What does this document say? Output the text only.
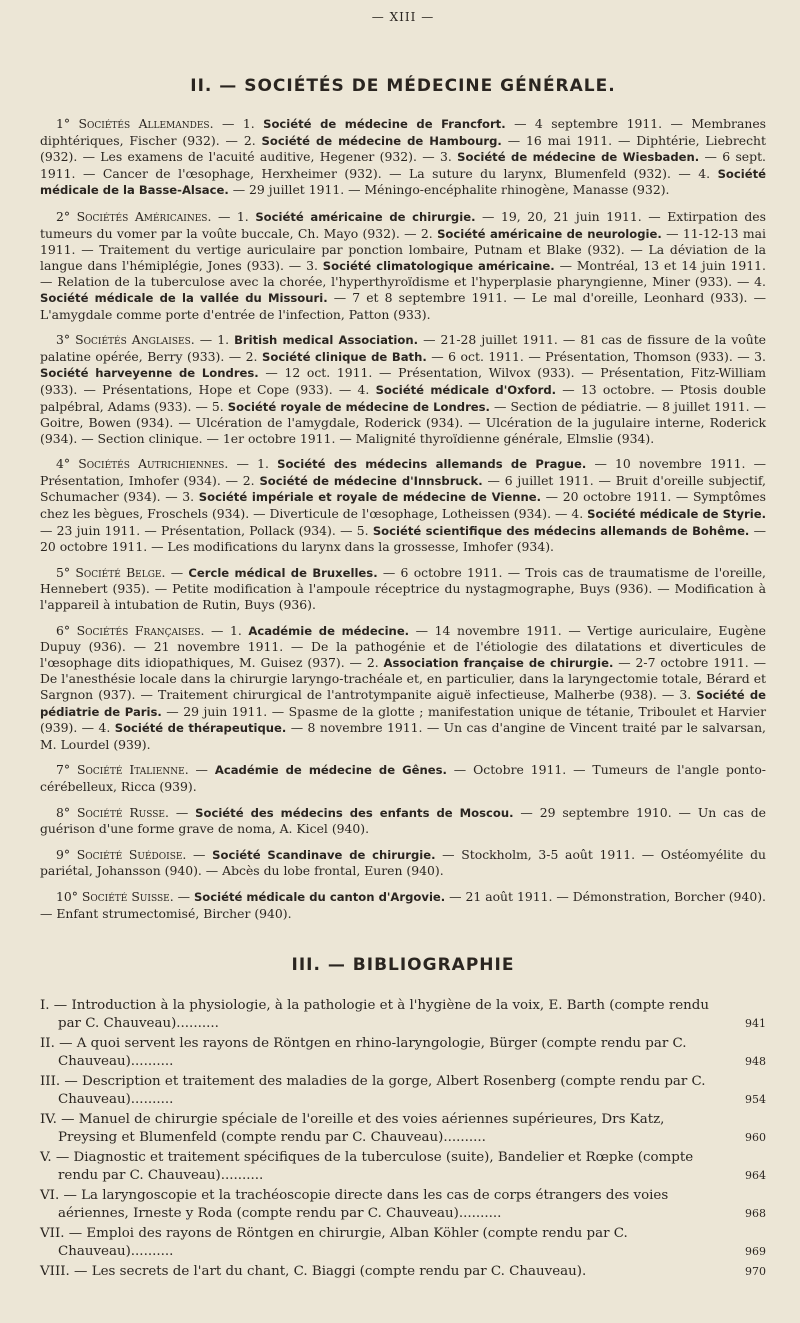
— XIII —
II. — SOCIÉTÉS DE MÉDECINE GÉNÉRALE.

1° Sociétés Allemandes. — 1. Société de médecine de Francfort. — 4 septembre 1911. — Membranes diphtériques, Fischer (932). — 2. Société de médecine de Hambourg. — 16 mai 1911. — Diphtérie, Liebrecht (932). — Les examens de l'acuité auditive, Hegener (932). — 3. Société de médecine de Wiesbaden. — 6 sept. 1911. — Cancer de l'œsophage, Herxheimer (932). — La suture du larynx, Blumenfeld (932). — 4. Société médicale de la Basse-Alsace. — 29 juillet 1911. — Méningo-encéphalite rhinogène, Manasse (932).

2° Sociétés Américaines. — 1. Société américaine de chirurgie. — 19, 20, 21 juin 1911. — Extirpation des tumeurs du vomer par la voûte buccale, Ch. Mayo (932). — 2. Société américaine de neurologie. — 11-12-13 mai 1911. — Traitement du vertige auriculaire par ponction lombaire, Putnam et Blake (932). — La déviation de la langue dans l'hémiplégie, Jones (933). — 3. Société climatologique américaine. — Montréal, 13 et 14 juin 1911. — Relation de la tuberculose avec la chorée, l'hyperthyroïdisme et l'hyperplasie pharyngienne, Miner (933). — 4. Société médicale de la vallée du Missouri. — 7 et 8 septembre 1911. — Le mal d'oreille, Leonhard (933). — L'amygdale comme porte d'entrée de l'infection, Patton (933).

3° Sociétés Anglaises. — 1. British medical Association. — 21-28 juillet 1911. — 81 cas de fissure de la voûte palatine opérée, Berry (933). — 2. Société clinique de Bath. — 6 oct. 1911. — Présentation, Thomson (933). — 3. Société harveyenne de Londres. — 12 oct. 1911. — Présentation, Wilvox (933). — Présentation, Fitz-William (933). — Présentations, Hope et Cope (933). — 4. Société médicale d'Oxford. — 13 octobre. — Ptosis double palpébral, Adams (933). — 5. Société royale de médecine de Londres. — Section de pédiatrie. — 8 juillet 1911. — Goitre, Bowen (934). — Ulcération de l'amygdale, Roderick (934). — Ulcération de la jugulaire interne, Roderick (934). — Section clinique. — 1er octobre 1911. — Malignité thyroïdienne générale, Elmslie (934).

4° Sociétés Autrichiennes. — 1. Société des médecins allemands de Prague. — 10 novembre 1911. — Présentation, Imhofer (934). — 2. Société de médecine d'Innsbruck. — 6 juillet 1911. — Bruit d'oreille subjectif, Schumacher (934). — 3. Société impériale et royale de médecine de Vienne. — 20 octobre 1911. — Symptômes chez les bègues, Froschels (934). — Diverticule de l'œsophage, Lotheissen (934). — 4. Société médicale de Styrie. — 23 juin 1911. — Présentation, Pollack (934). — 5. Société scientifique des médecins allemands de Bohême. — 20 octobre 1911. — Les modifications du larynx dans la grossesse, Imhofer (934).

5° Société Belge. — Cercle médical de Bruxelles. — 6 octobre 1911. — Trois cas de traumatisme de l'oreille, Hennebert (935). — Petite modification à l'ampoule réceptrice du nystagmographe, Buys (936). — Modification à l'appareil à intubation de Rutin, Buys (936).

6° Sociétés Françaises. — 1. Académie de médecine. — 14 novembre 1911. — Vertige auriculaire, Eugène Dupuy (936). — 21 novembre 1911. — De la pathogénie et de l'étiologie des dilatations et diverticules de l'œsophage dits idiopathiques, M. Guisez (937). — 2. Association française de chirurgie. — 2-7 octobre 1911. — De l'anesthésie locale dans la chirurgie laryngo-trachéale et, en particulier, dans la laryngectomie totale, Bérard et Sargnon (937). — Traitement chirurgical de l'antrotympanite aiguë infectieuse, Malherbe (938). — 3. Société de pédiatrie de Paris. — 29 juin 1911. — Spasme de la glotte ; manifestation unique de tétanie, Triboulet et Harvier (939). — 4. Société de thérapeutique. — 8 novembre 1911. — Un cas d'angine de Vincent traité par le salvarsan, M. Lourdel (939).

7° Société Italienne. — Académie de médecine de Gênes. — Octobre 1911. — Tumeurs de l'angle ponto-cérébelleux, Ricca (939).

8° Société Russe. — Société des médecins des enfants de Moscou. — 29 septembre 1910. — Un cas de guérison d'une forme grave de noma, A. Kicel (940).

9° Société Suédoise. — Société Scandinave de chirurgie. — Stockholm, 3-5 août 1911. — Ostéomyélite du pariétal, Johansson (940). — Abcès du lobe frontal, Euren (940).

10° Société Suisse. — Société médicale du canton d'Argovie. — 21 août 1911. — Démonstration, Borcher (940). — Enfant strumectomisé, Bircher (940).

III. — BIBLIOGRAPHIE
I. — Introduction à la physiologie, à la pathologie et à l'hygiène de la voix, E. Barth (compte rendu par C. Chauveau)..........	941
II. — A quoi servent les rayons de Röntgen en rhino-laryngologie, Bürger (compte rendu par C. Chauveau)..........	948
III. — Description et traitement des maladies de la gorge, Albert Rosenberg (compte rendu par C. Chauveau)..........	954
IV. — Manuel de chirurgie spéciale de l'oreille et des voies aériennes supérieures, Drs Katz, Preysing et Blumenfeld (compte rendu par C. Chauveau)..........	960
V. — Diagnostic et traitement spécifiques de la tuberculose (suite), Bandelier et Rœpke (compte rendu par C. Chauveau)..........	964
VI. — La laryngoscopie et la trachéoscopie directe dans les cas de corps étrangers des voies aériennes, Irneste y Roda (compte rendu par C. Chauveau)..........	968
VII. — Emploi des rayons de Röntgen en chirurgie, Alban Köhler (compte rendu par C. Chauveau)..........	969
VIII. — Les secrets de l'art du chant, C. Biaggi (compte rendu par C. Chauveau).	970
